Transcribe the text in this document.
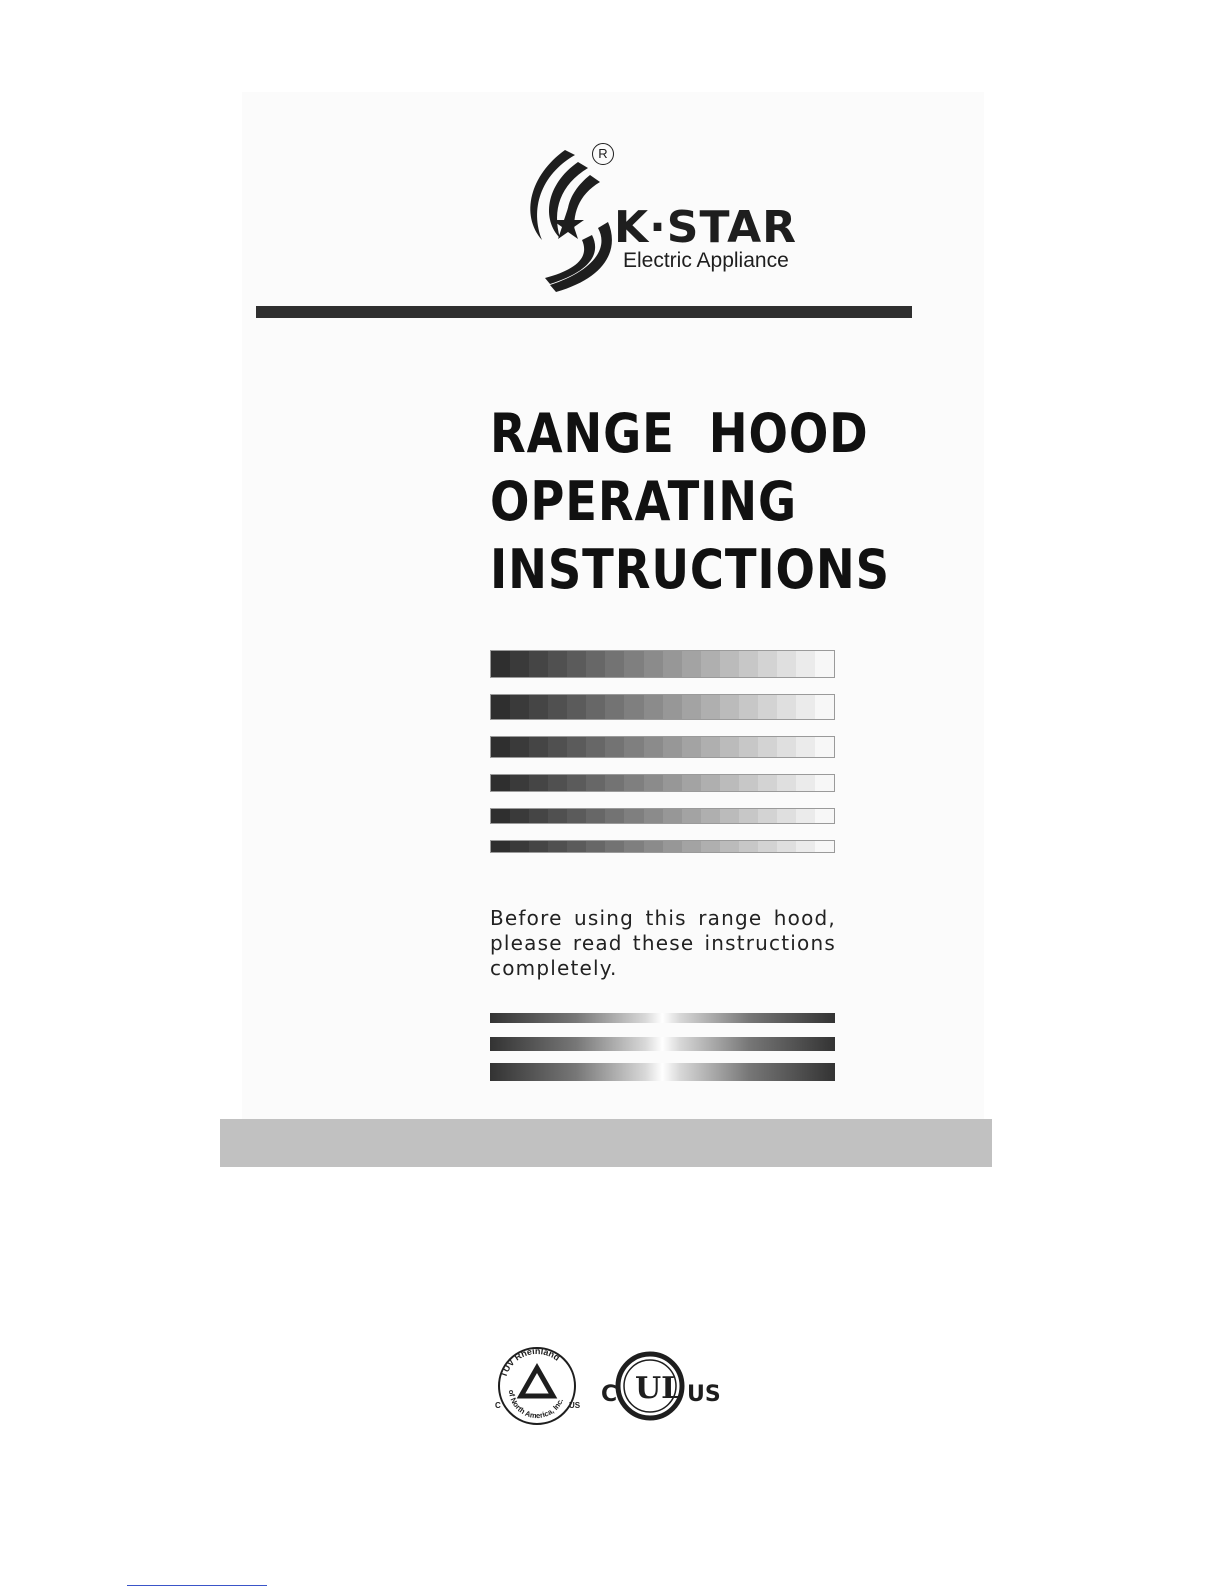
R
K·STAR
Electric Appliance
RANGE  HOOD
OPERATING
INSTRUCTIONS

Before using this range hood, please read these instructions completely.

TUV Rheinland
of North America, Inc.
C	US C UL US
